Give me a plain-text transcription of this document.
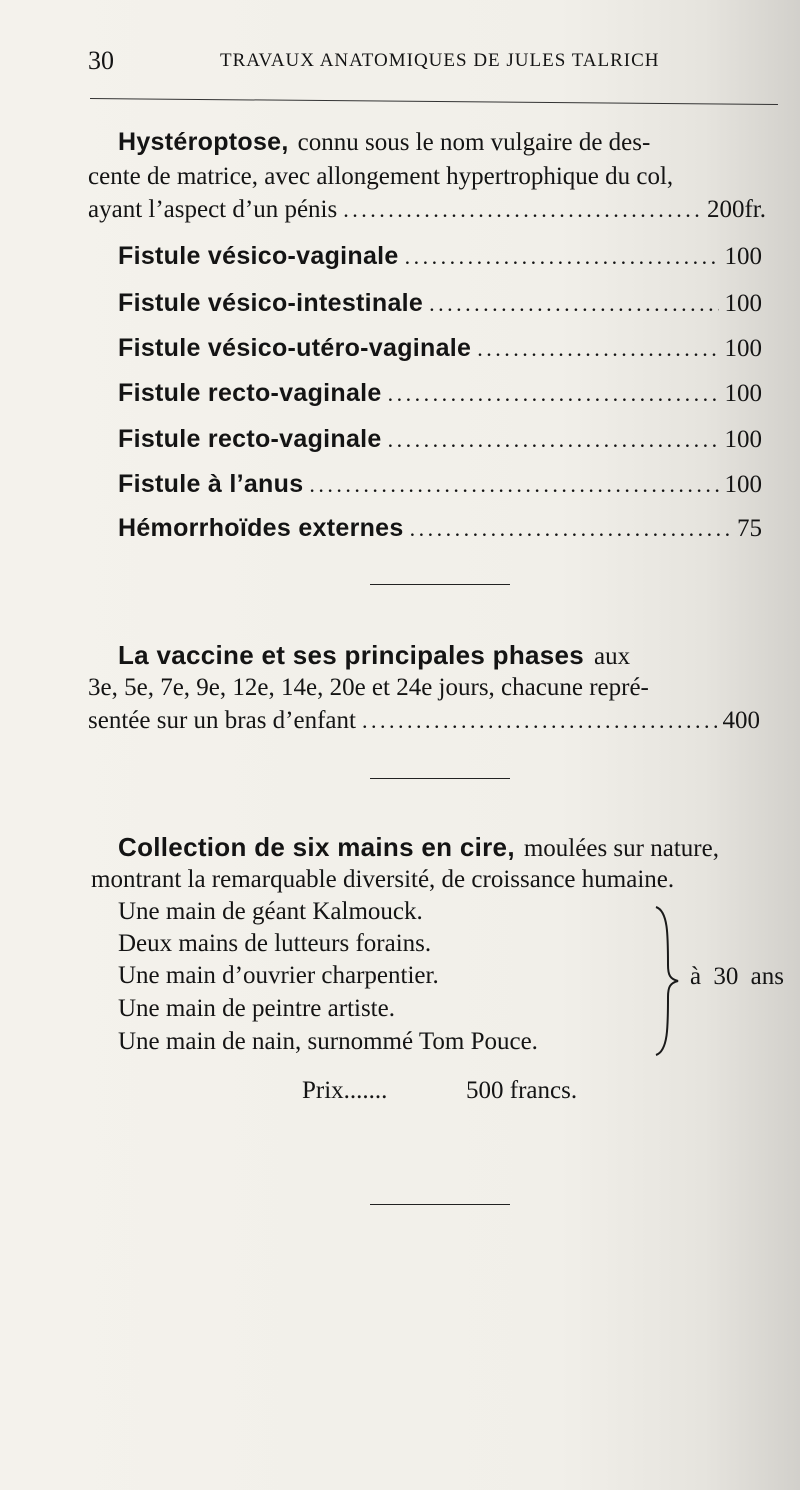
30	TRAVAUX ANATOMIQUES DE JULES TALRICH
Hystéroptose, connu sous le nom vulgaire de des-
cente de matrice, avec allongement hypertrophique du col,
ayant l’aspect d’un pénis . . .	200fr.
Fistule vésico-vaginale . . .	100
Fistule vésico-intestinale . . .	100
Fistule vésico-utéro-vaginale . . .	100
Fistule recto-vaginale . . .	100
Fistule recto-vaginale . . .	100
Fistule à l’anus . . .	100
Hémorrhoïdes externes . . .	75
La vaccine et ses principales phases aux
3e, 5e, 7e, 9e, 12e, 14e, 20e et 24e jours, chacune repré-
sentée sur un bras d’enfant . . .	400
Collection de six mains en cire, moulées sur nature,
montrant la remarquable diversité, de croissance humaine.
Une main de géant Kalmouck.
Deux mains de lutteurs forains.
Une main d’ouvrier charpentier.
Une main de peintre artiste.
Une main de nain, surnommé Tom Pouce.
à 30 ans
Prix.......	500 francs.
